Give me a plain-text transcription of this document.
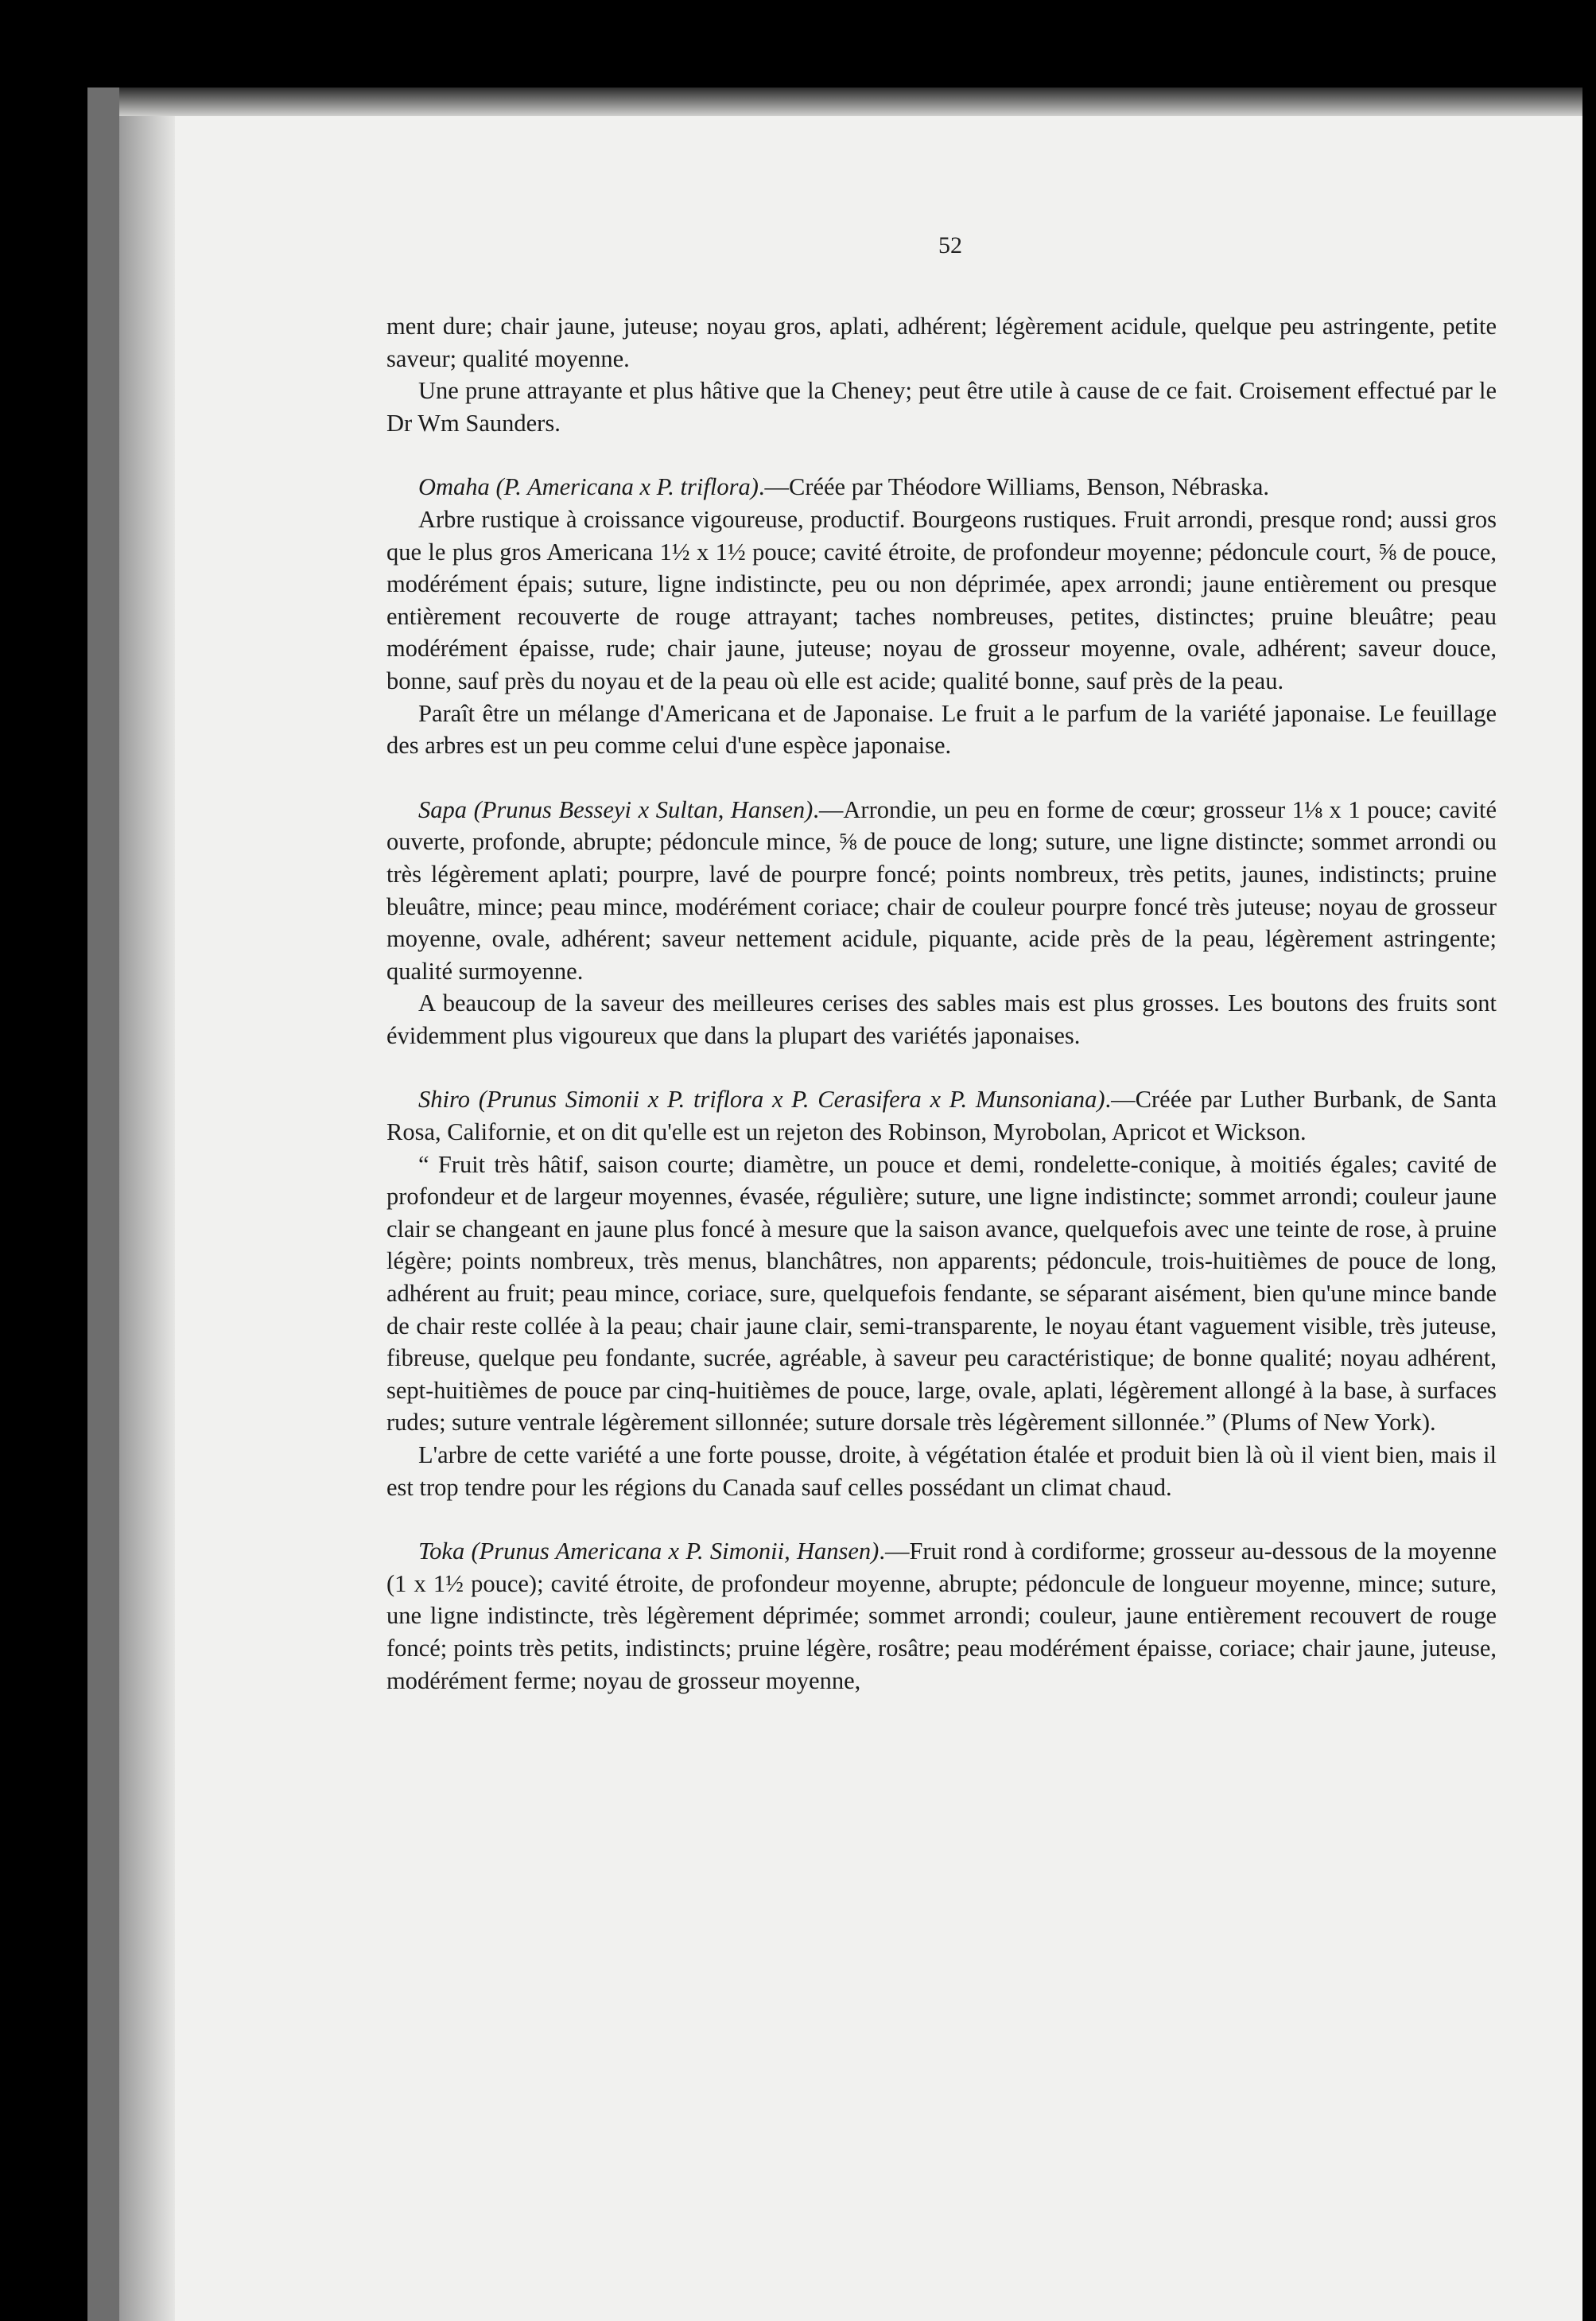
52

ment dure; chair jaune, juteuse; noyau gros, aplati, adhérent; légèrement acidule, quelque peu astringente, petite saveur; qualité moyenne.

Une prune attrayante et plus hâtive que la Cheney; peut être utile à cause de ce fait. Croisement effectué par le Dr Wm Saunders.

Omaha (P. Americana x P. triflora).—Créée par Théodore Williams, Benson, Nébraska.

Arbre rustique à croissance vigoureuse, productif. Bourgeons rustiques. Fruit arrondi, presque rond; aussi gros que le plus gros Americana 1½ x 1½ pouce; cavité étroite, de profondeur moyenne; pédoncule court, ⅝ de pouce, modérément épais; suture, ligne indistincte, peu ou non déprimée, apex arrondi; jaune entièrement ou presque entièrement recouverte de rouge attrayant; taches nombreuses, petites, distinctes; pruine bleuâtre; peau modérément épaisse, rude; chair jaune, juteuse; noyau de grosseur moyenne, ovale, adhérent; saveur douce, bonne, sauf près du noyau et de la peau où elle est acide; qualité bonne, sauf près de la peau.

Paraît être un mélange d'Americana et de Japonaise. Le fruit a le parfum de la variété japonaise. Le feuillage des arbres est un peu comme celui d'une espèce japonaise.

Sapa (Prunus Besseyi x Sultan, Hansen).—Arrondie, un peu en forme de cœur; grosseur 1⅛ x 1 pouce; cavité ouverte, profonde, abrupte; pédoncule mince, ⅝ de pouce de long; suture, une ligne distincte; sommet arrondi ou très légèrement aplati; pourpre, lavé de pourpre foncé; points nombreux, très petits, jaunes, indistincts; pruine bleuâtre, mince; peau mince, modérément coriace; chair de couleur pourpre foncé très juteuse; noyau de grosseur moyenne, ovale, adhérent; saveur nettement acidule, piquante, acide près de la peau, légèrement astringente; qualité surmoyenne.

A beaucoup de la saveur des meilleures cerises des sables mais est plus grosses. Les boutons des fruits sont évidemment plus vigoureux que dans la plupart des variétés japonaises.

Shiro (Prunus Simonii x P. triflora x P. Cerasifera x P. Munsoniana).—Créée par Luther Burbank, de Santa Rosa, Californie, et on dit qu'elle est un rejeton des Robinson, Myrobolan, Apricot et Wickson.

“ Fruit très hâtif, saison courte; diamètre, un pouce et demi, rondelette-conique, à moitiés égales; cavité de profondeur et de largeur moyennes, évasée, régulière; suture, une ligne indistincte; sommet arrondi; couleur jaune clair se changeant en jaune plus foncé à mesure que la saison avance, quelquefois avec une teinte de rose, à pruine légère; points nombreux, très menus, blanchâtres, non apparents; pédoncule, trois-huitièmes de pouce de long, adhérent au fruit; peau mince, coriace, sure, quelquefois fendante, se séparant aisément, bien qu'une mince bande de chair reste collée à la peau; chair jaune clair, semi-transparente, le noyau étant vaguement visible, très juteuse, fibreuse, quelque peu fondante, sucrée, agréable, à saveur peu caractéristique; de bonne qualité; noyau adhérent, sept-huitièmes de pouce par cinq-huitièmes de pouce, large, ovale, aplati, légèrement allongé à la base, à surfaces rudes; suture ventrale légèrement sillonnée; suture dorsale très légèrement sillonnée.” (Plums of New York).

L'arbre de cette variété a une forte pousse, droite, à végétation étalée et produit bien là où il vient bien, mais il est trop tendre pour les régions du Canada sauf celles possédant un climat chaud.

Toka (Prunus Americana x P. Simonii, Hansen).—Fruit rond à cordiforme; grosseur au-dessous de la moyenne (1 x 1½ pouce); cavité étroite, de profondeur moyenne, abrupte; pédoncule de longueur moyenne, mince; suture, une ligne indistincte, très légèrement déprimée; sommet arrondi; couleur, jaune entièrement recouvert de rouge foncé; points très petits, indistincts; pruine légère, rosâtre; peau modérément épaisse, coriace; chair jaune, juteuse, modérément ferme; noyau de grosseur moyenne,
